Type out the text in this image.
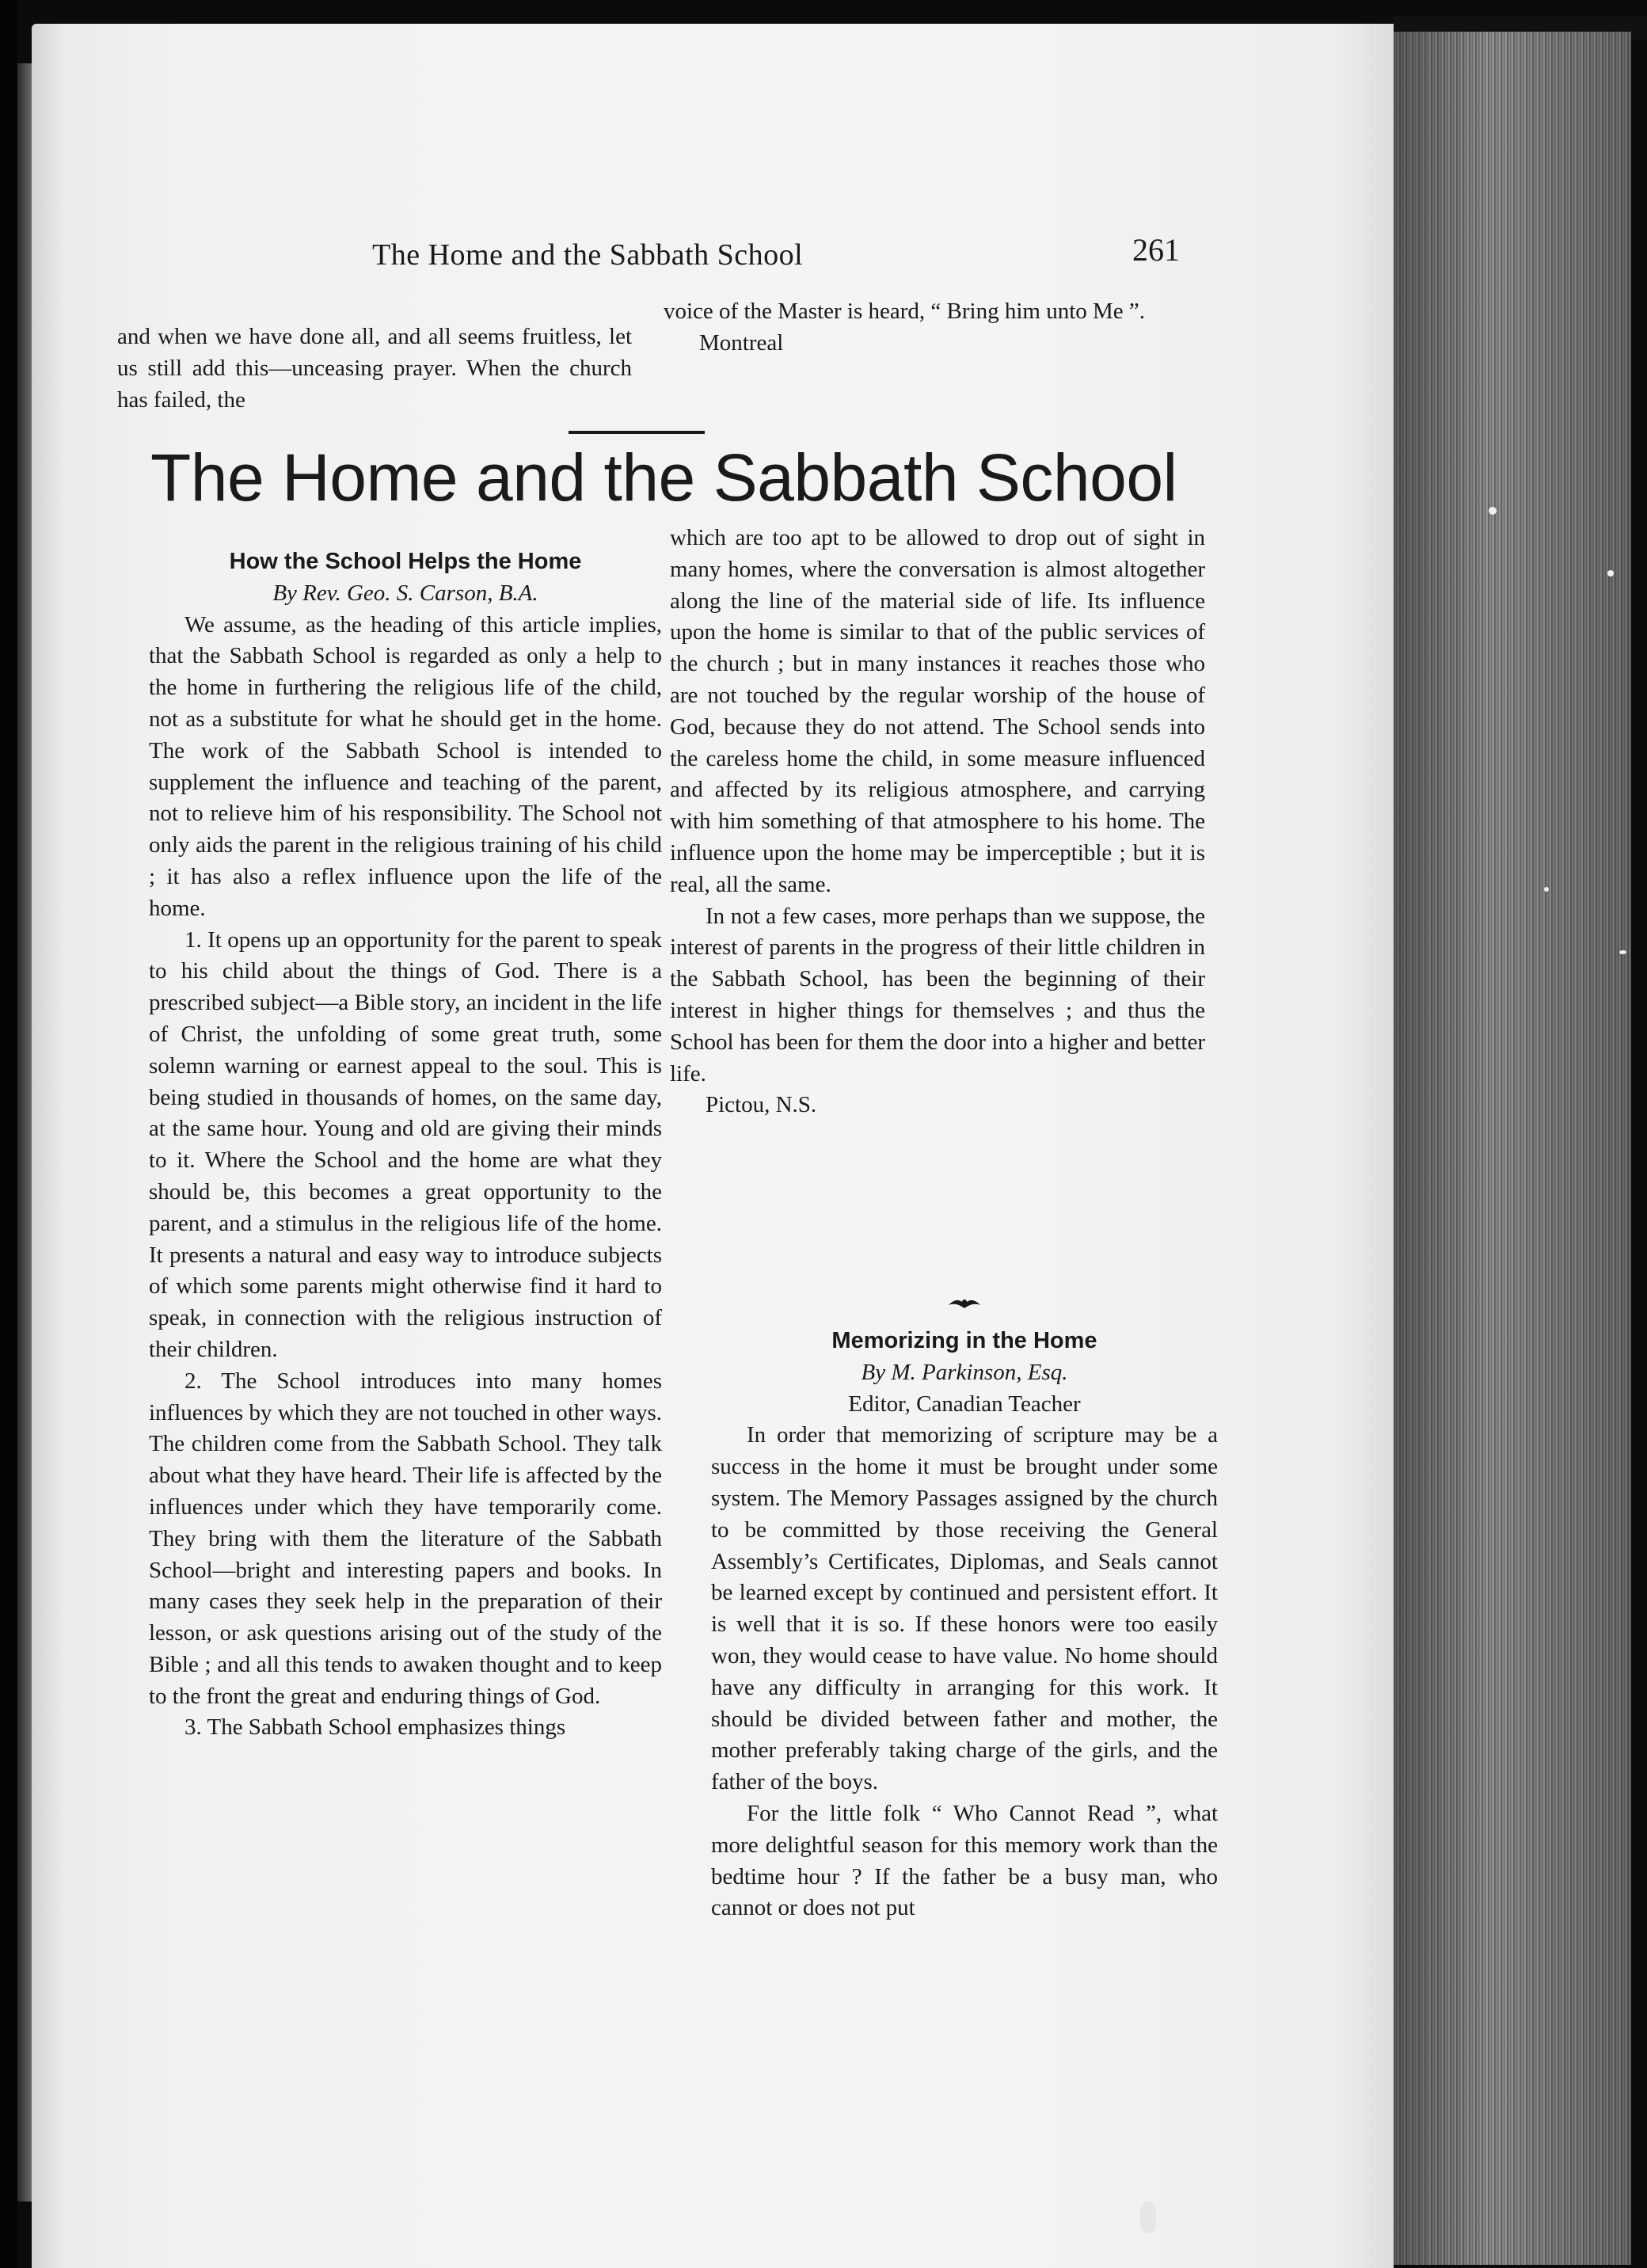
The Home and the Sabbath School	261

and when we have done all, and all seems fruitless, let us still add this—unceasing prayer. When the church has failed, the

voice of the Master is heard, “ Bring him unto Me ”.

Montreal

The Home and the Sabbath School

How the School Helps the Home

By Rev. Geo. S. Carson, B.A.

We assume, as the heading of this article implies, that the Sabbath School is regarded as only a help to the home in furthering the religious life of the child, not as a substitute for what he should get in the home. The work of the Sabbath School is intended to supplement the influence and teaching of the parent, not to relieve him of his responsibility. The School not only aids the parent in the religious training of his child ; it has also a reflex influence upon the life of the home.

1. It opens up an opportunity for the parent to speak to his child about the things of God. There is a prescribed subject—a Bible story, an incident in the life of Christ, the unfolding of some great truth, some solemn warning or earnest appeal to the soul. This is being studied in thousands of homes, on the same day, at the same hour. Young and old are giving their minds to it. Where the School and the home are what they should be, this becomes a great opportunity to the parent, and a stimulus in the religious life of the home. It presents a natural and easy way to introduce subjects of which some parents might otherwise find it hard to speak, in connection with the religious instruction of their children.

2. The School introduces into many homes influences by which they are not touched in other ways. The children come from the Sabbath School. They talk about what they have heard. Their life is affected by the influences under which they have temporarily come. They bring with them the literature of the Sabbath School—bright and interesting papers and books. In many cases they seek help in the preparation of their lesson, or ask questions arising out of the study of the Bible ; and all this tends to awaken thought and to keep to the front the great and enduring things of God.

3. The Sabbath School emphasizes things

which are too apt to be allowed to drop out of sight in many homes, where the conversation is almost altogether along the line of the material side of life. Its influence upon the home is similar to that of the public services of the church ; but in many instances it reaches those who are not touched by the regular worship of the house of God, because they do not attend. The School sends into the careless home the child, in some measure influenced and affected by its religious atmosphere, and carrying with him something of that atmosphere to his home. The influence upon the home may be imperceptible ; but it is real, all the same.

In not a few cases, more perhaps than we suppose, the interest of parents in the progress of their little children in the Sabbath School, has been the beginning of their interest in higher things for themselves ; and thus the School has been for them the door into a higher and better life.

Pictou, N.S.

Memorizing in the Home

By M. Parkinson, Esq.

Editor, Canadian Teacher

In order that memorizing of scripture may be a success in the home it must be brought under some system. The Memory Passages assigned by the church to be committed by those receiving the General Assembly’s Certificates, Diplomas, and Seals cannot be learned except by continued and persistent effort. It is well that it is so. If these honors were too easily won, they would cease to have value. No home should have any difficulty in arranging for this work. It should be divided between father and mother, the mother preferably taking charge of the girls, and the father of the boys.

For the little folk “ Who Cannot Read ”, what more delightful season for this memory work than the bedtime hour ? If the father be a busy man, who cannot or does not put
